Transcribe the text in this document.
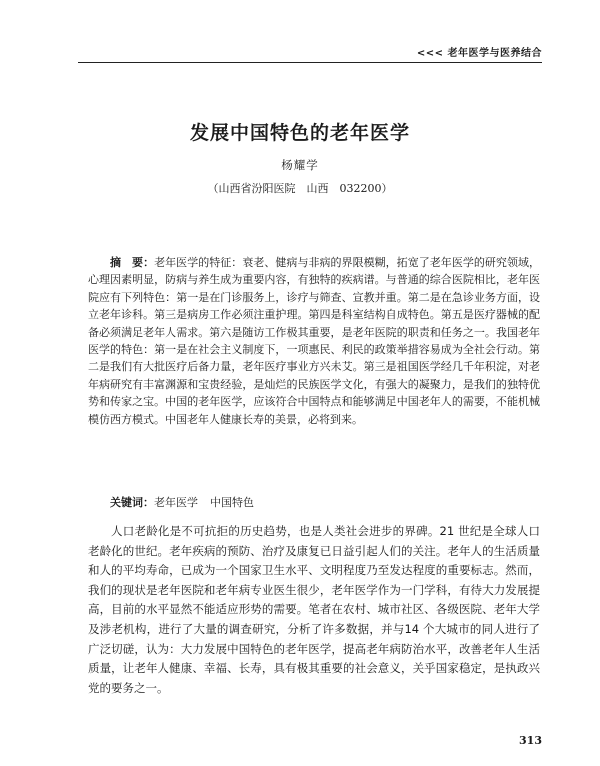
<<< 老年医学与医养结合
发展中国特色的老年医学
杨耀学
（山西省汾阳医院　山西　032200）

摘　要：老年医学的特征：衰老、健病与非病的界限模糊，拓宽了老年医学的研究领域，心理因素明显，防病与养生成为重要内容，有独特的疾病谱。与普通的综合医院相比，老年医院应有下列特色：第一是在门诊服务上，诊疗与筛查、宣教并重。第二是在急诊业务方面，设立老年诊科。第三是病房工作必须注重护理。第四是科室结构自成特色。第五是医疗器械的配备必须满足老年人需求。第六是随访工作极其重要，是老年医院的职责和任务之一。我国老年医学的特色：第一是在社会主义制度下，一项惠民、利民的政策举措容易成为全社会行动。第二是我们有大批医疗后备力量，老年医疗事业方兴未艾。第三是祖国医学经几千年积淀，对老年病研究有丰富渊源和宝贵经验，是灿烂的民族医学文化，有强大的凝聚力，是我们的独特优势和传家之宝。中国的老年医学，应该符合中国特点和能够满足中国老年人的需要，不能机械模仿西方模式。中国老年人健康长寿的美景，必将到来。

关键词：老年医学 中国特色

人口老龄化是不可抗拒的历史趋势，也是人类社会进步的界碑。21 世纪是全球人口老龄化的世纪。老年疾病的预防、治疗及康复已日益引起人们的关注。老年人的生活质量和人的平均寿命，已成为一个国家卫生水平、文明程度乃至发达程度的重要标志。然而，我们的现状是老年医院和老年病专业医生很少，老年医学作为一门学科，有待大力发展提高，目前的水平显然不能适应形势的需要。笔者在农村、城市社区、各级医院、老年大学及涉老机构，进行了大量的调查研究，分析了许多数据，并与14 个大城市的同人进行了广泛切磋，认为：大力发展中国特色的老年医学，提高老年病防治水平，改善老年人生活质量，让老年人健康、幸福、长寿，具有极其重要的社会意义，关乎国家稳定，是执政兴党的要务之一。

313
